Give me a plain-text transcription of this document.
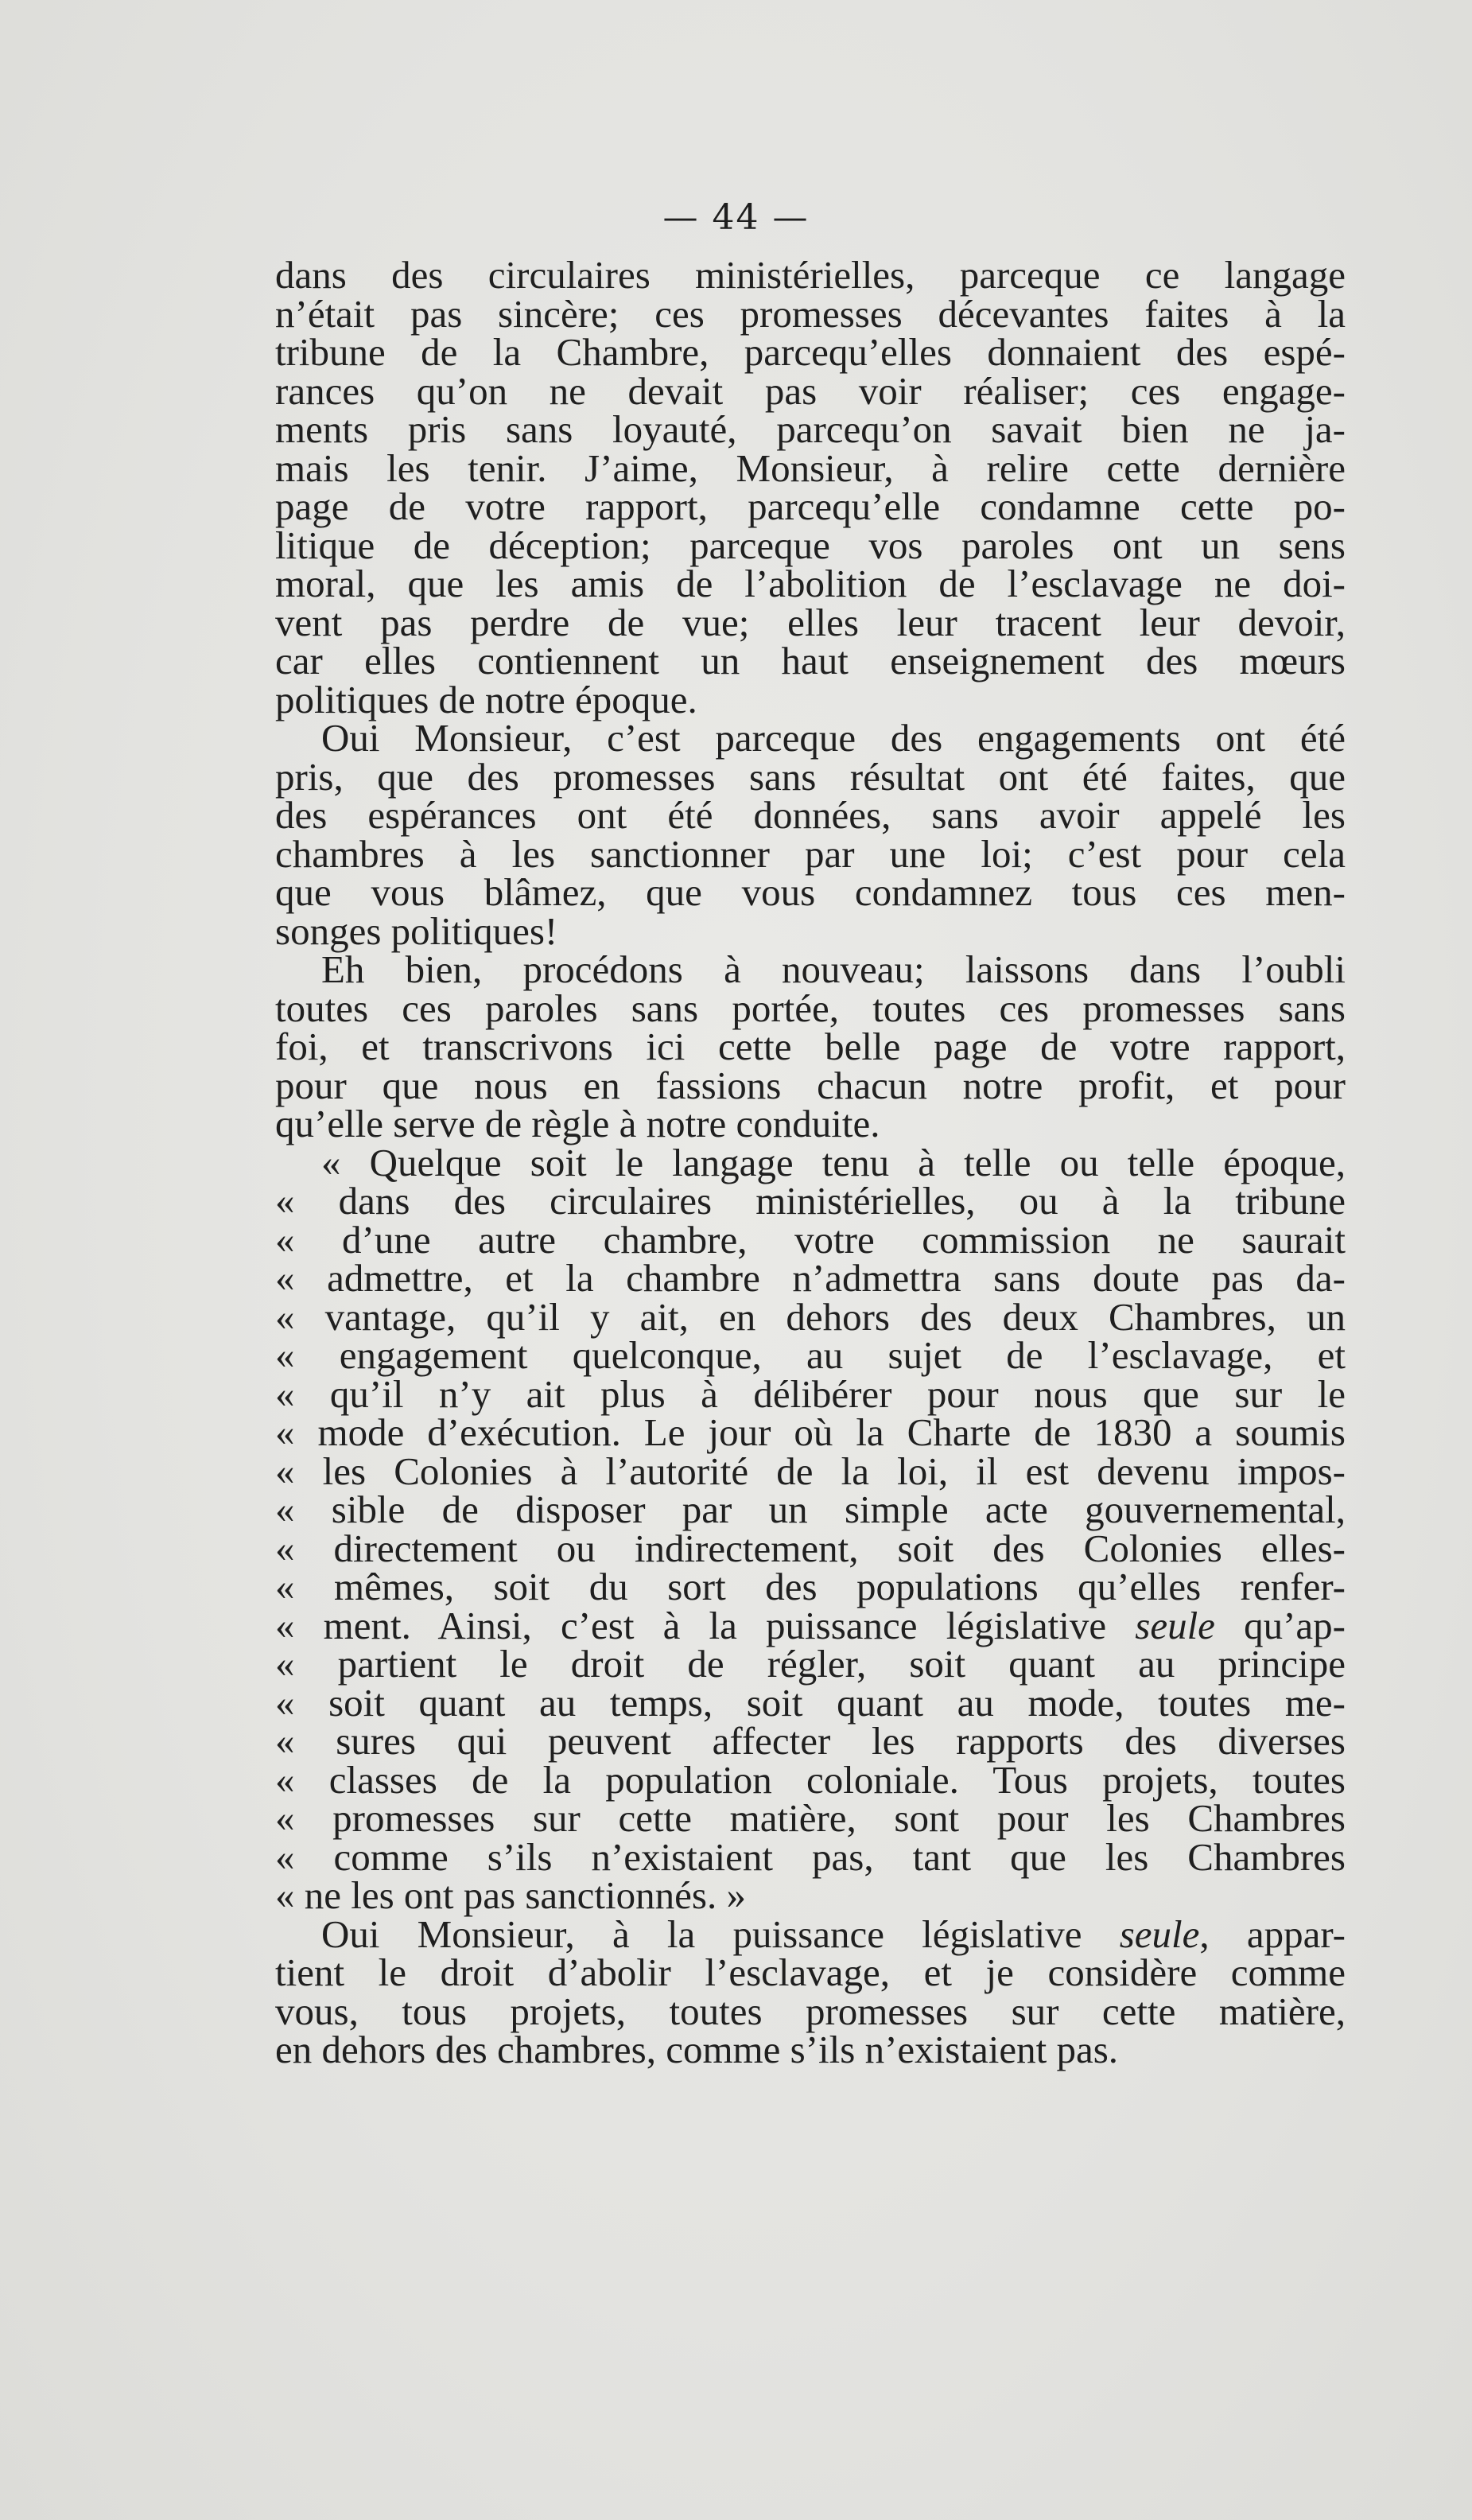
— 44 —
dans des circulaires ministérielles, parceque ce langage
n’était pas sincère; ces promesses décevantes faites à la
tribune de la Chambre, parcequ’elles donnaient des espé-
rances qu’on ne devait pas voir réaliser; ces engage-
ments pris sans loyauté, parcequ’on savait bien ne ja-
mais les tenir. J’aime, Monsieur, à relire cette dernière
page de votre rapport, parcequ’elle condamne cette po-
litique de déception; parceque vos paroles ont un sens
moral, que les amis de l’abolition de l’esclavage ne doi-
vent pas perdre de vue; elles leur tracent leur devoir,
car elles contiennent un haut enseignement des mœurs
politiques de notre époque.
Oui Monsieur, c’est parceque des engagements ont été
pris, que des promesses sans résultat ont été faites, que
des espérances ont été données, sans avoir appelé les
chambres à les sanctionner par une loi; c’est pour cela
que vous blâmez, que vous condamnez tous ces men-
songes politiques!
Eh bien, procédons à nouveau; laissons dans l’oubli
toutes ces paroles sans portée, toutes ces promesses sans
foi, et transcrivons ici cette belle page de votre rapport,
pour que nous en fassions chacun notre profit, et pour
qu’elle serve de règle à notre conduite.
« Quelque soit le langage tenu à telle ou telle époque,
« dans des circulaires ministérielles, ou à la tribune
« d’une autre chambre, votre commission ne saurait
« admettre, et la chambre n’admettra sans doute pas da-
« vantage, qu’il y ait, en dehors des deux Chambres, un
« engagement quelconque, au sujet de l’esclavage, et
« qu’il n’y ait plus à délibérer pour nous que sur le
« mode d’exécution. Le jour où la Charte de 1830 a soumis
« les Colonies à l’autorité de la loi, il est devenu impos-
« sible de disposer par un simple acte gouvernemental,
« directement ou indirectement, soit des Colonies elles-
« mêmes, soit du sort des populations qu’elles renfer-
« ment. Ainsi, c’est à la puissance législative seule qu’ap-
« partient le droit de régler, soit quant au principe
« soit quant au temps, soit quant au mode, toutes me-
« sures qui peuvent affecter les rapports des diverses
« classes de la population coloniale. Tous projets, toutes
« promesses sur cette matière, sont pour les Chambres
« comme s’ils n’existaient pas, tant que les Chambres
« ne les ont pas sanctionnés. »
Oui Monsieur, à la puissance législative seule, appar-
tient le droit d’abolir l’esclavage, et je considère comme
vous, tous projets, toutes promesses sur cette matière,
en dehors des chambres, comme s’ils n’existaient pas.
